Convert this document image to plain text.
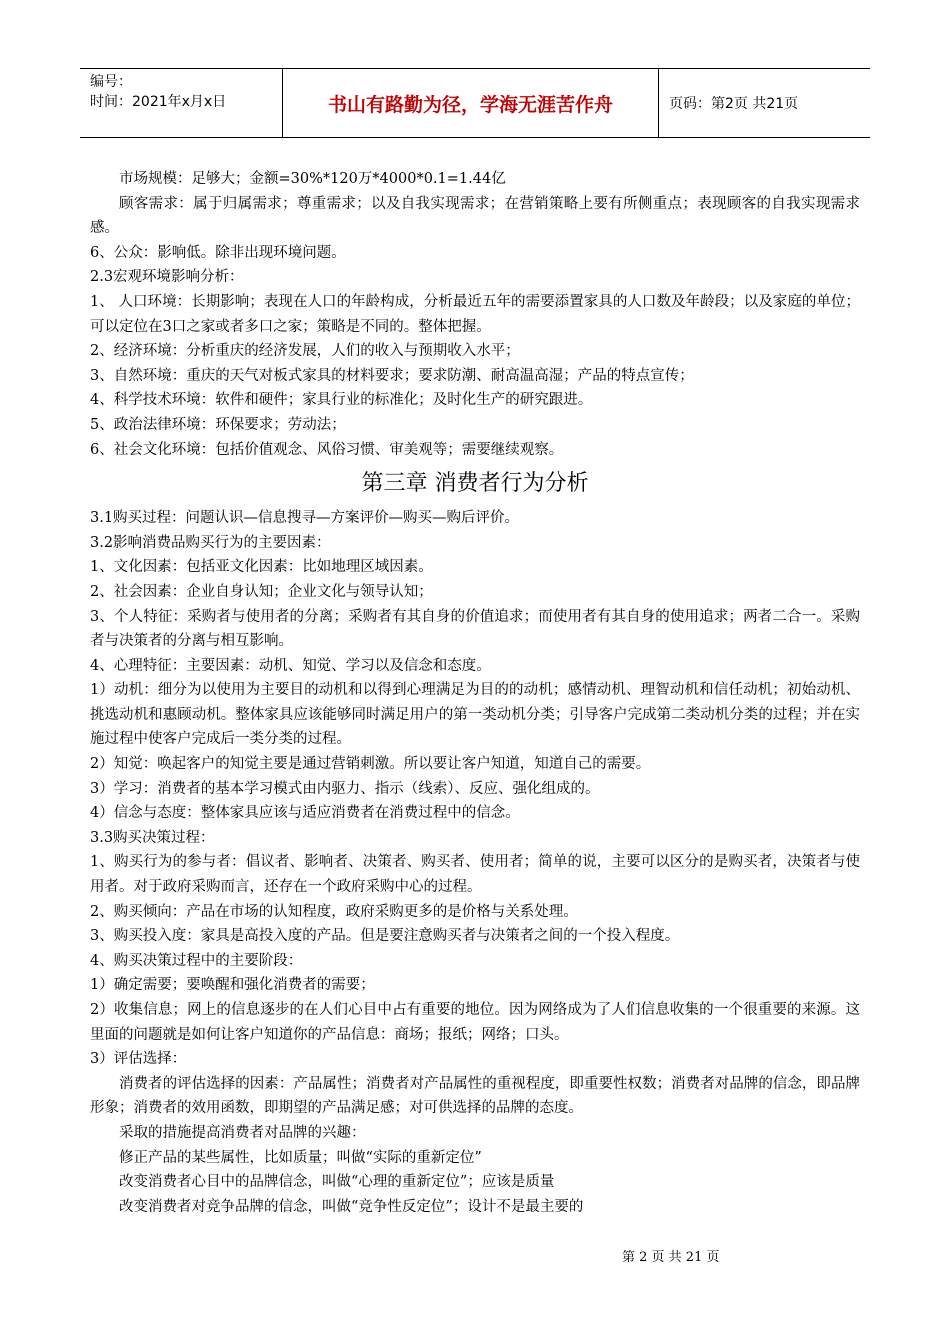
编号：
时间：2021年x月x日	书山有路勤为径，学海无涯苦作舟	页码：第2页 共21页

市场规模：足够大；金额=30%*120万*4000*0.1=1.44亿

顾客需求：属于归属需求；尊重需求；以及自我实现需求；在营销策略上要有所侧重点；表现顾客的自我实现需求感。

6、公众：影响低。除非出现环境问题。

2.3宏观环境影响分析：

1、 人口环境：长期影响；表现在人口的年龄构成，分析最近五年的需要添置家具的人口数及年龄段；以及家庭的单位；可以定位在3口之家或者多口之家；策略是不同的。整体把握。

2、经济环境：分析重庆的经济发展，人们的收入与预期收入水平；

3、自然环境：重庆的天气对板式家具的材料要求；要求防潮、耐高温高湿；产品的特点宣传；

4、科学技术环境：软件和硬件；家具行业的标准化；及时化生产的研究跟进。

5、政治法律环境：环保要求；劳动法；

6、社会文化环境：包括价值观念、风俗习惯、审美观等；需要继续观察。

第三章 消费者行为分析

3.1购买过程：问题认识—信息搜寻—方案评价—购买—购后评价。

3.2影响消费品购买行为的主要因素：

1、文化因素：包括亚文化因素：比如地理区域因素。

2、社会因素：企业自身认知；企业文化与领导认知；

3、个人特征：采购者与使用者的分离；采购者有其自身的价值追求；而使用者有其自身的使用追求；两者二合一。采购者与决策者的分离与相互影响。

4、心理特征：主要因素：动机、知觉、学习以及信念和态度。

1）动机：细分为以使用为主要目的动机和以得到心理满足为目的的动机；感情动机、理智动机和信任动机；初始动机、挑选动机和惠顾动机。整体家具应该能够同时满足用户的第一类动机分类；引导客户完成第二类动机分类的过程；并在实施过程中使客户完成后一类分类的过程。

2）知觉：唤起客户的知觉主要是通过营销刺激。所以要让客户知道，知道自己的需要。

3）学习：消费者的基本学习模式由内驱力、指示（线索）、反应、强化组成的。

4）信念与态度：整体家具应该与适应消费者在消费过程中的信念。

3.3购买决策过程：

1、购买行为的参与者：倡议者、影响者、决策者、购买者、使用者；简单的说，主要可以区分的是购买者，决策者与使用者。对于政府采购而言，还存在一个政府采购中心的过程。

2、购买倾向：产品在市场的认知程度，政府采购更多的是价格与关系处理。

3、购买投入度：家具是高投入度的产品。但是要注意购买者与决策者之间的一个投入程度。

4、购买决策过程中的主要阶段：

1）确定需要；要唤醒和强化消费者的需要；

2）收集信息；网上的信息逐步的在人们心目中占有重要的地位。因为网络成为了人们信息收集的一个很重要的来源。这里面的问题就是如何让客户知道你的产品信息：商场；报纸；网络；口头。

3）评估选择：

消费者的评估选择的因素：产品属性；消费者对产品属性的重视程度，即重要性权数；消费者对品牌的信念，即品牌形象；消费者的效用函数，即期望的产品满足感；对可供选择的品牌的态度。

采取的措施提高消费者对品牌的兴趣：

修正产品的某些属性，比如质量；叫做“实际的重新定位”

改变消费者心目中的品牌信念，叫做“心理的重新定位”；应该是质量

改变消费者对竞争品牌的信念，叫做“竞争性反定位”；设计不是最主要的

第 2 页 共 21 页
